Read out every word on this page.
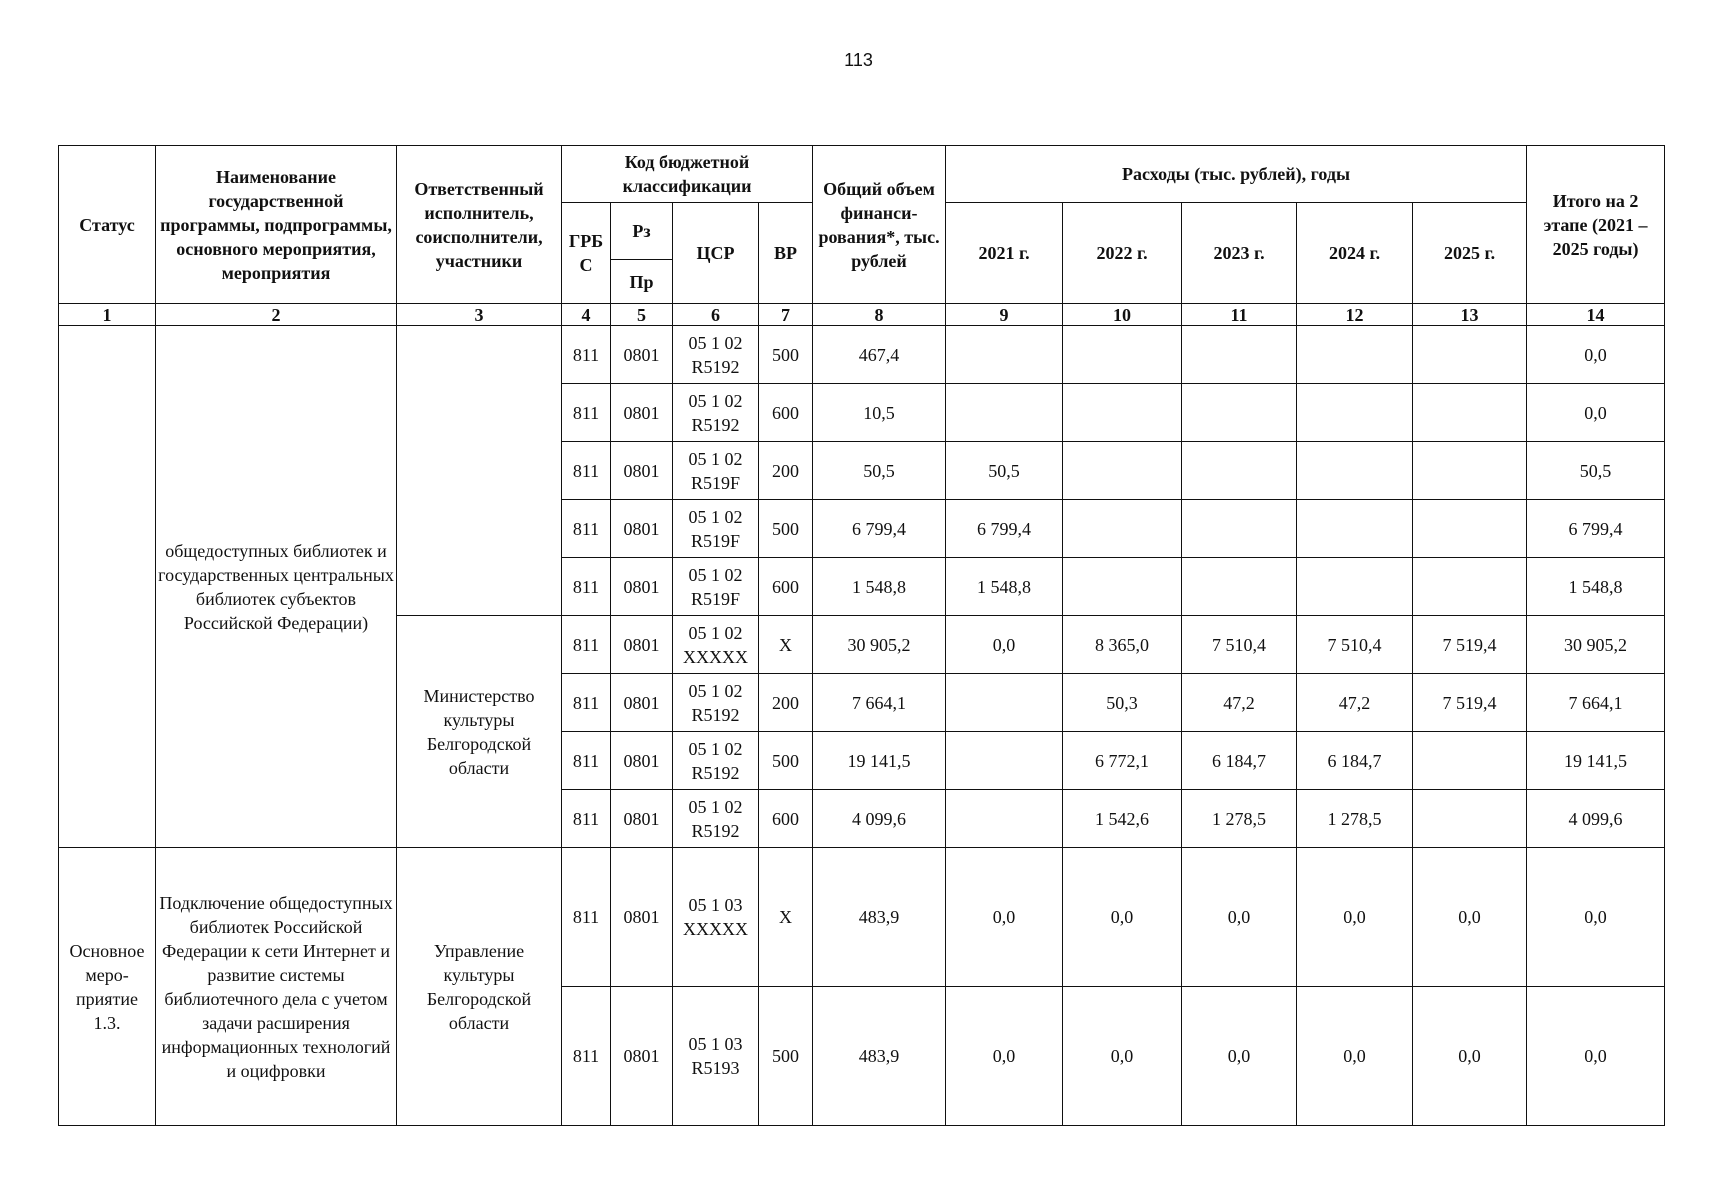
113
Статус	Наименование государственной программы, подпрограммы, основного мероприятия, мероприятия	Ответственный исполнитель, соисполнители, участники	Код бюджетной классификации				Общий объем финанси-рования*, тыс. рублей	Расходы (тыс. рублей), годы					Итого на 2 этапе (2021 – 2025 годы)
			ГРБ С	Рз	ЦСР	ВР		2021 г.	2022 г.	2023 г.	2024 г.	2025 г.	
				Пр									
1	2	3	4	5	6	7	8	9	10	11	12	13	14
	общедоступных библиотек и государственных центральных библиотек субъектов Российской Федерации)		811	0801	05 1 02
R5192	500	467,4						0,0
			811	0801	05 1 02
R5192	600	10,5						0,0
			811	0801	05 1 02
R519F	200	50,5	50,5					50,5
			811	0801	05 1 02
R519F	500	6 799,4	6 799,4					6 799,4
			811	0801	05 1 02
R519F	600	1 548,8	1 548,8					1 548,8
		Министерство культуры Белгородской области	811	0801	05 1 02
XXXXX	Х	30 905,2	0,0	8 365,0	7 510,4	7 510,4	7 519,4	30 905,2
			811	0801	05 1 02
R5192	200	7 664,1		50,3	47,2	47,2	7 519,4	7 664,1
			811	0801	05 1 02
R5192	500	19 141,5		6 772,1	6 184,7	6 184,7		19 141,5
			811	0801	05 1 02
R5192	600	4 099,6		1 542,6	1 278,5	1 278,5		4 099,6
Основное меро-приятие 1.3.	Подключение общедоступных библиотек Российской Федерации к сети Интернет и развитие системы библиотечного дела с учетом задачи расширения информационных технологий и оцифровки	Управление культуры Белгородской области	811	0801	05 1 03
XXXXX	Х	483,9	0,0	0,0	0,0	0,0	0,0	0,0
			811	0801	05 1 03
R5193	500	483,9	0,0	0,0	0,0	0,0	0,0	0,0
